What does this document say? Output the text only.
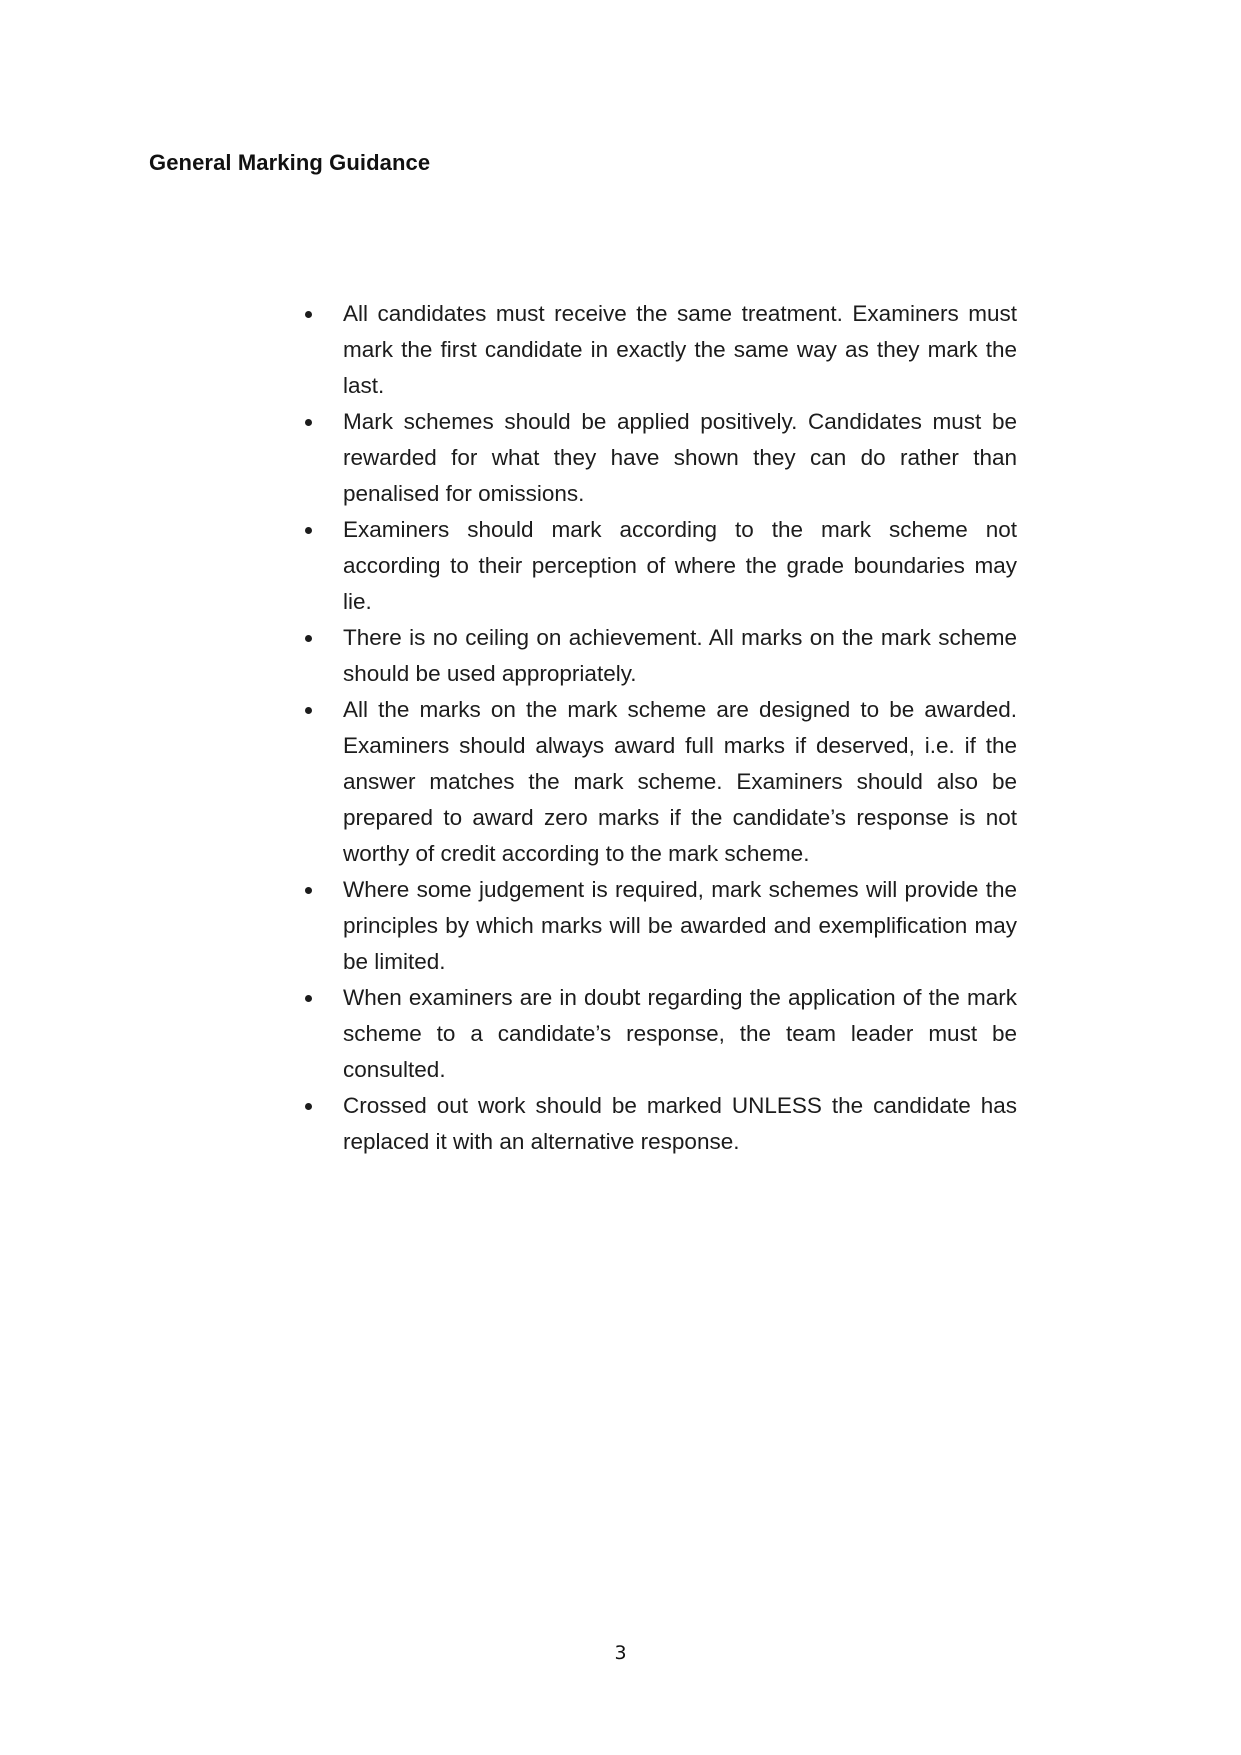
General Marking Guidance
All candidates must receive the same treatment. Examiners must mark the first candidate in exactly the same way as they mark the last.
Mark schemes should be applied positively. Candidates must be rewarded for what they have shown they can do rather than penalised for omissions.
Examiners should mark according to the mark scheme not according to their perception of where the grade boundaries may lie.
There is no ceiling on achievement. All marks on the mark scheme should be used appropriately.
All the marks on the mark scheme are designed to be awarded. Examiners should always award full marks if deserved, i.e. if the answer matches the mark scheme. Examiners should also be prepared to award zero marks if the candidate’s response is not worthy of credit according to the mark scheme.
Where some judgement is required, mark schemes will provide the principles by which marks will be awarded and exemplification may be limited.
When examiners are in doubt regarding the application of the mark scheme to a candidate’s response, the team leader must be consulted.
Crossed out work should be marked UNLESS the candidate has replaced it with an alternative response.
3
